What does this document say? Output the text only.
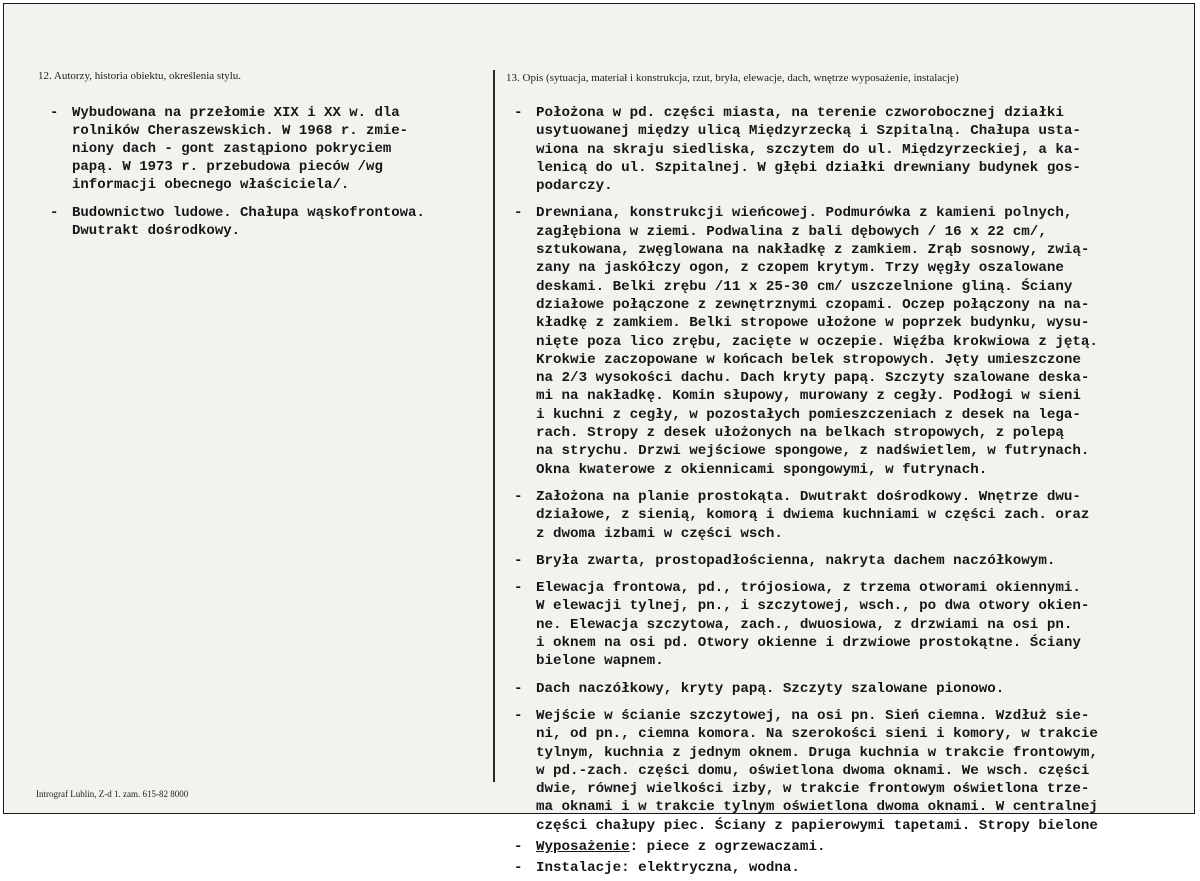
12. Autorzy, historia obiektu, określenia stylu.	13. Opis (sytuacja, materiał i konstrukcja, rzut, bryła, elewacje, dach, wnętrze wyposażenie, instalacje)
- Wybudowana na przełomie XIX i XX w. dla
rolników Cheraszewskich. W 1968 r. zmie-
niony dach - gont zastąpiono pokryciem
papą. W 1973 r. przebudowa pieców /wg
informacji obecnego właściciela/.
- Budownictwo ludowe. Chałupa wąskofrontowa.
Dwutrakt dośrodkowy.
- Położona w pd. części miasta, na terenie czworobocznej działki
usytuowanej między ulicą Międzyrzecką i Szpitalną. Chałupa usta-
wiona na skraju siedliska, szczytem do ul. Międzyrzeckiej, a ka-
lenicą do ul. Szpitalnej. W głębi działki drewniany budynek gos-
podarczy.
- Drewniana, konstrukcji wieńcowej. Podmurówka z kamieni polnych,
zagłębiona w ziemi. Podwalina z bali dębowych / 16 x 22 cm/,
sztukowana, zwęglowana na nakładkę z zamkiem. Zrąb sosnowy, zwią-
zany na jaskółczy ogon, z czopem krytym. Trzy węgły oszalowane
deskami. Belki zrębu /11 x 25-30 cm/ uszczelnione gliną. Ściany
działowe połączone z zewnętrznymi czopami. Oczep połączony na na-
kładkę z zamkiem. Belki stropowe ułożone w poprzek budynku, wysu-
nięte poza lico zrębu, zacięte w oczepie. Więźba krokwiowa z jętą.
Krokwie zaczopowane w końcach belek stropowych. Jęty umieszczone
na 2/3 wysokości dachu. Dach kryty papą. Szczyty szalowane deska-
mi na nakładkę. Komin słupowy, murowany z cegły. Podłogi w sieni
i kuchni z cegły, w pozostałych pomieszczeniach z desek na lega-
rach. Stropy z desek ułożonych na belkach stropowych, z polepą
na strychu. Drzwi wejściowe spongowe, z nadświetlem, w futrynach.
Okna kwaterowe z okiennicami spongowymi, w futrynach.
- Założona na planie prostokąta. Dwutrakt dośrodkowy. Wnętrze dwu-
działowe, z sienią, komorą i dwiema kuchniami w części zach. oraz
z dwoma izbami w części wsch.
- Bryła zwarta, prostopadłościenna, nakryta dachem naczółkowym.
- Elewacja frontowa, pd., trójosiowa, z trzema otworami okiennymi.
W elewacji tylnej, pn., i szczytowej, wsch., po dwa otwory okien-
ne. Elewacja szczytowa, zach., dwuosiowa, z drzwiami na osi pn.
i oknem na osi pd. Otwory okienne i drzwiowe prostokątne. Ściany
bielone wapnem.
- Dach naczółkowy, kryty papą. Szczyty szalowane pionowo.
- Wejście w ścianie szczytowej, na osi pn. Sień ciemna. Wzdłuż sie-
ni, od pn., ciemna komora. Na szerokości sieni i komory, w trakcie
tylnym, kuchnia z jednym oknem. Druga kuchnia w trakcie frontowym,
w pd.-zach. części domu, oświetlona dwoma oknami. We wsch. części
dwie, równej wielkości izby, w trakcie frontowym oświetlona trze-
ma oknami i w trakcie tylnym oświetlona dwoma oknami. W centralnej
części chałupy piec. Ściany z papierowymi tapetami. Stropy bielone
- Wyposażenie: piece z ogrzewaczami.
- Instalacje: elektryczna, wodna.
Intrograf Lublin, Z-d 1. zam. 615-82 8000
